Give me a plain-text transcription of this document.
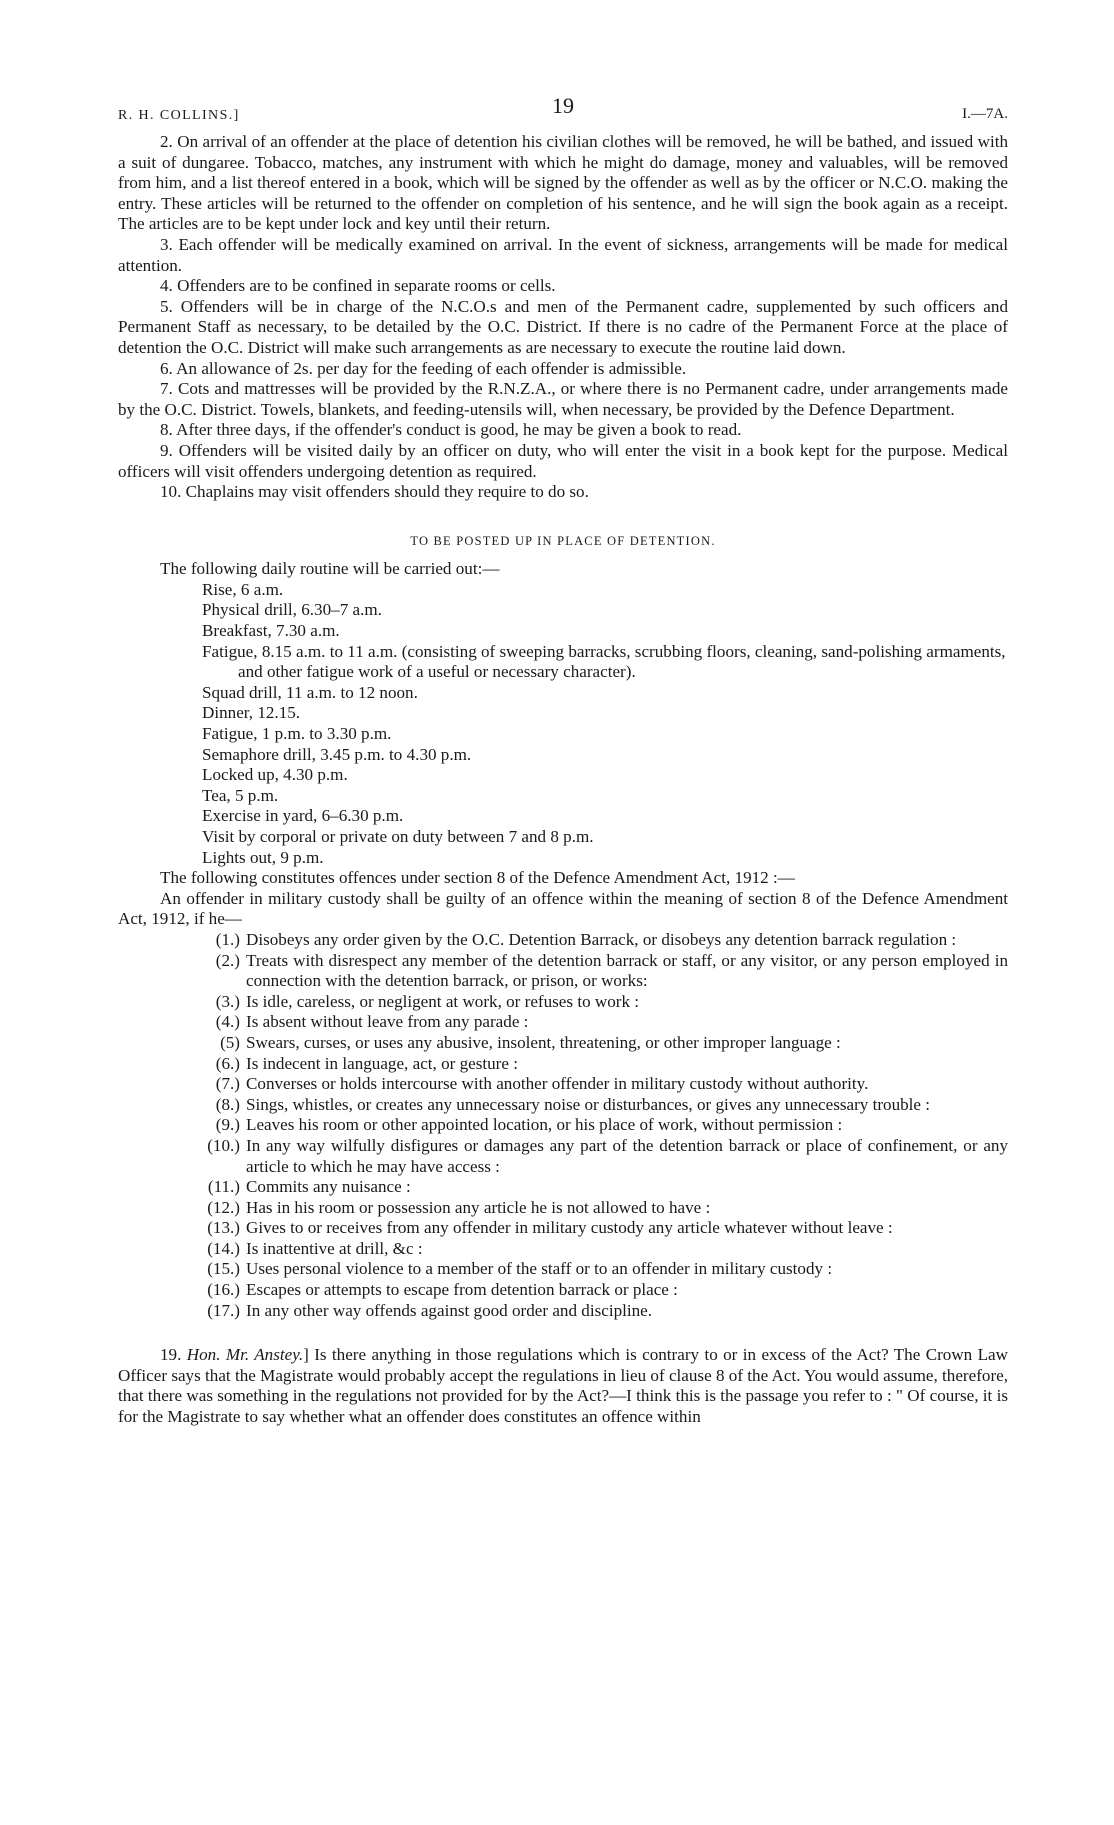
R. H. COLLINS.]	19	I.—7A.

2. On arrival of an offender at the place of detention his civilian clothes will be removed, he will be bathed, and issued with a suit of dungaree. Tobacco, matches, any instrument with which he might do damage, money and valuables, will be removed from him, and a list thereof entered in a book, which will be signed by the offender as well as by the officer or N.C.O. making the entry. These articles will be returned to the offender on completion of his sentence, and he will sign the book again as a receipt. The articles are to be kept under lock and key until their return.

3. Each offender will be medically examined on arrival. In the event of sickness, arrangements will be made for medical attention.

4. Offenders are to be confined in separate rooms or cells.

5. Offenders will be in charge of the N.C.O.s and men of the Permanent cadre, supplemented by such officers and Permanent Staff as necessary, to be detailed by the O.C. District. If there is no cadre of the Permanent Force at the place of detention the O.C. District will make such arrangements as are necessary to execute the routine laid down.

6. An allowance of 2s. per day for the feeding of each offender is admissible.

7. Cots and mattresses will be provided by the R.N.Z.A., or where there is no Permanent cadre, under arrangements made by the O.C. District. Towels, blankets, and feeding-utensils will, when necessary, be provided by the Defence Department.

8. After three days, if the offender's conduct is good, he may be given a book to read.

9. Offenders will be visited daily by an officer on duty, who will enter the visit in a book kept for the purpose. Medical officers will visit offenders undergoing detention as required.

10. Chaplains may visit offenders should they require to do so.

TO BE POSTED UP IN PLACE OF DETENTION.

The following daily routine will be carried out:—

Rise, 6 a.m.

Physical drill, 6.30–7 a.m.

Breakfast, 7.30 a.m.

Fatigue, 8.15 a.m. to 11 a.m. (consisting of sweeping barracks, scrubbing floors, cleaning, sand-polishing armaments, and other fatigue work of a useful or necessary character).

Squad drill, 11 a.m. to 12 noon.

Dinner, 12.15.

Fatigue, 1 p.m. to 3.30 p.m.

Semaphore drill, 3.45 p.m. to 4.30 p.m.

Locked up, 4.30 p.m.

Tea, 5 p.m.

Exercise in yard, 6–6.30 p.m.

Visit by corporal or private on duty between 7 and 8 p.m.

Lights out, 9 p.m.

The following constitutes offences under section 8 of the Defence Amendment Act, 1912 :—

An offender in military custody shall be guilty of an offence within the meaning of section 8 of the Defence Amendment Act, 1912, if he—

(1.) Disobeys any order given by the O.C. Detention Barrack, or disobeys any detention barrack regulation :
(2.) Treats with disrespect any member of the detention barrack or staff, or any visitor, or any person employed in connection with the detention barrack, or prison, or works:
(3.) Is idle, careless, or negligent at work, or refuses to work :
(4.) Is absent without leave from any parade :
(5) Swears, curses, or uses any abusive, insolent, threatening, or other improper language :
(6.) Is indecent in language, act, or gesture :
(7.) Converses or holds intercourse with another offender in military custody without authority.
(8.) Sings, whistles, or creates any unnecessary noise or disturbances, or gives any unnecessary trouble :
(9.) Leaves his room or other appointed location, or his place of work, without permission :
(10.) In any way wilfully disfigures or damages any part of the detention barrack or place of confinement, or any article to which he may have access :
(11.) Commits any nuisance :
(12.) Has in his room or possession any article he is not allowed to have :
(13.) Gives to or receives from any offender in military custody any article whatever without leave :
(14.) Is inattentive at drill, &c :
(15.) Uses personal violence to a member of the staff or to an offender in military custody :
(16.) Escapes or attempts to escape from detention barrack or place :
(17.) In any other way offends against good order and discipline.

19. Hon. Mr. Anstey.] Is there anything in those regulations which is contrary to or in excess of the Act? The Crown Law Officer says that the Magistrate would probably accept the regulations in lieu of clause 8 of the Act. You would assume, therefore, that there was something in the regulations not provided for by the Act?—I think this is the passage you refer to : " Of course, it is for the Magistrate to say whether what an offender does constitutes an offence within
